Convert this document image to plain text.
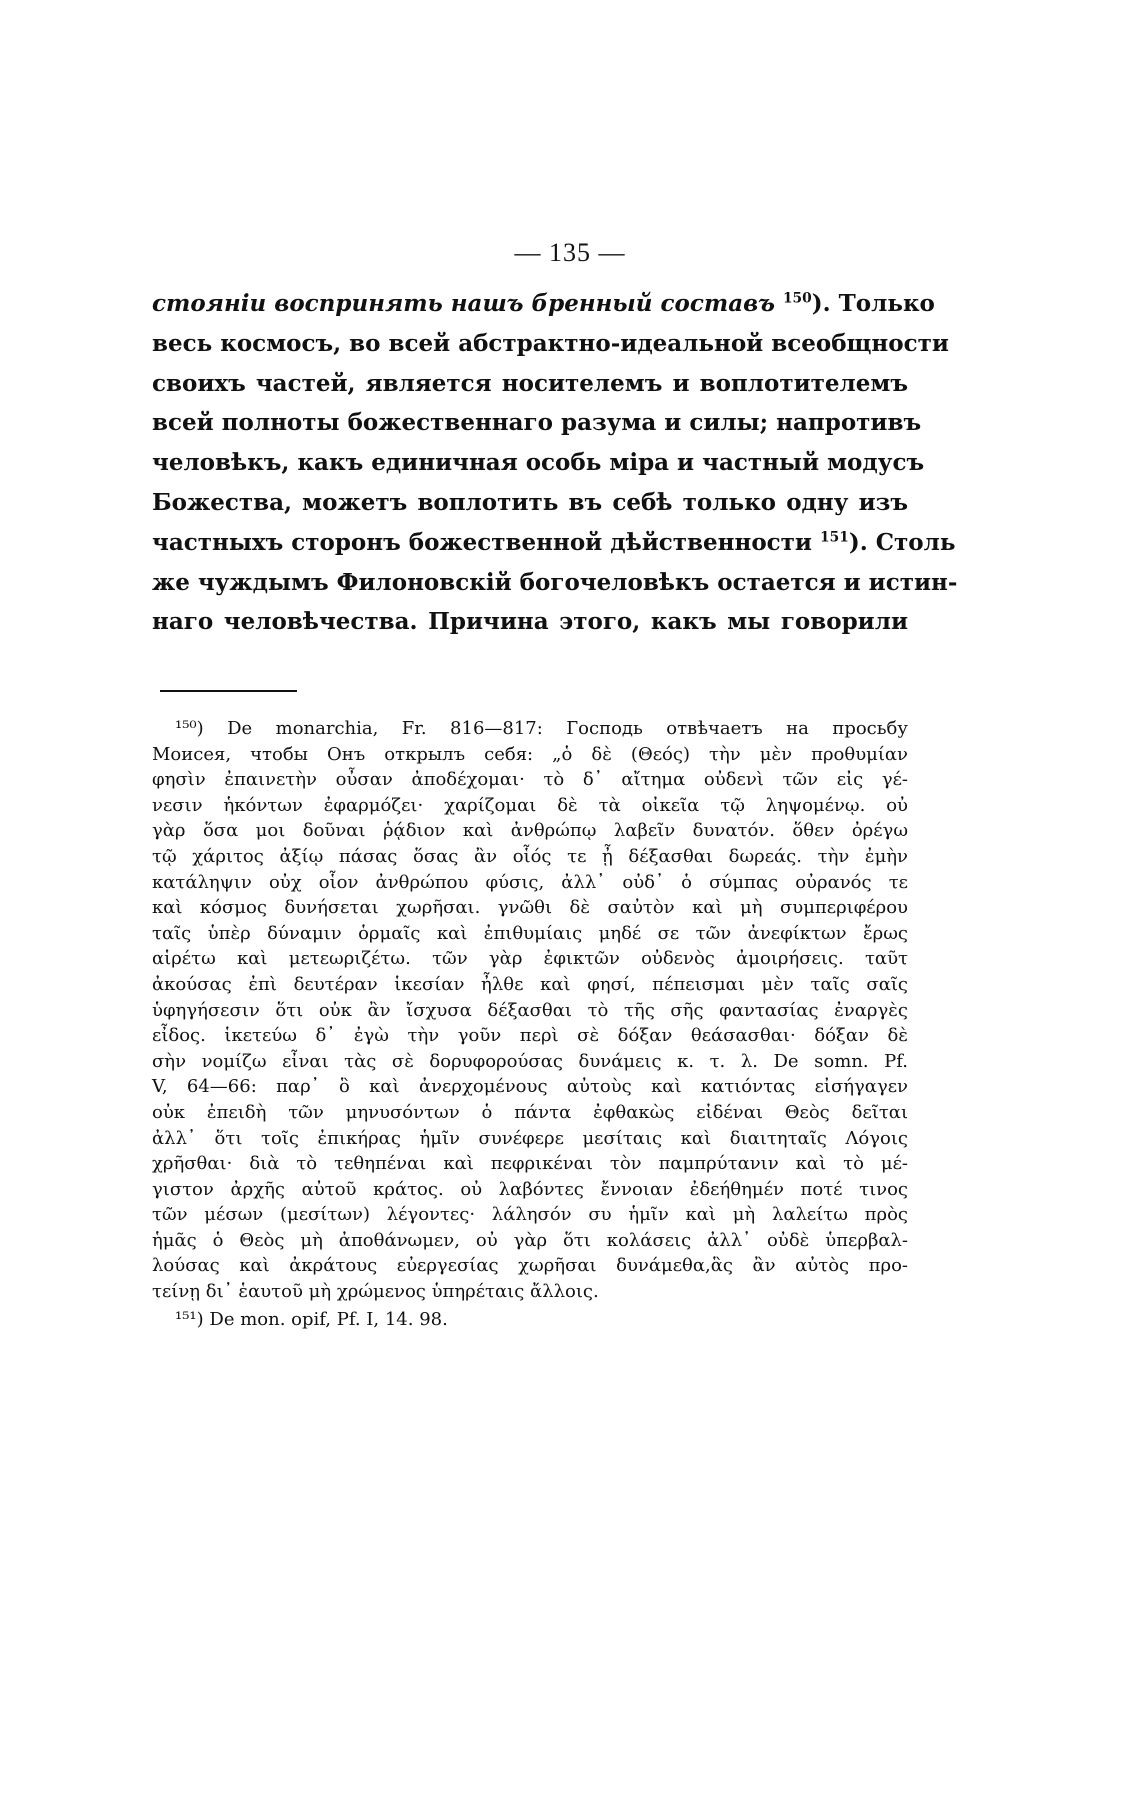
— 135 —
стояніи воспринять нашъ бренный составъ $^{150}$). Только
весь космосъ, во всей абстрактно-идеальной всеобщности
своихъ частей, является носителемъ и воплотителемъ
всей полноты божественнаго разума и силы; напротивъ
человѣкъ, какъ единичная особь міра и частный модусъ
Божества, можетъ воплотить въ себѣ только одну изъ
частныхъ сторонъ божественной дѣйственности $^{151}$). Столь
же чуждымъ Филоновскій богочеловѣкъ остается и истин-
наго человѣчества. Причина этого, какъ мы говорили
¹⁵⁰) De monarchia, Fr. 816—817: Господь отвѣчаетъ на просьбу
Моисея, чтобы Онъ открылъ себя: „ὁ δὲ (Θεός) τὴν μὲν προθυμίαν
φησὶν ἐπαινετὴν οὖσαν ἀποδέχομαι· τὸ δ᾽ αἴτημα οὐδενὶ τῶν εἰς γέ-
νεσιν ἡκόντων ἐφαρμόζει· χαρίζομαι δὲ τὰ οἰκεῖα τῷ ληψομένῳ. οὐ
γὰρ ὅσα μοι δοῦναι ῥᾴδιον καὶ ἀνθρώπῳ λαβεῖν δυνατόν. ὅθεν ὀρέγω
τῷ χάριτος ἀξίῳ πάσας ὅσας ἂν οἷός τε ᾖ δέξασθαι δωρεάς. τὴν ἐμὴν
κατάληψιν οὐχ οἷον ἀνθρώπου φύσις, ἀλλ᾽ οὐδ᾽ ὁ σύμπας οὐρανός τε
καὶ κόσμος δυνήσεται χωρῆσαι. γνῶθι δὲ σαὐτὸν καὶ μὴ συμπεριφέρου
ταῖς ὑπὲρ δύναμιν ὁρμαῖς καὶ ἐπιθυμίαις μηδέ σε τῶν ἀνεφίκτων ἔρως
αἱρέτω καὶ μετεωριζέτω. τῶν γὰρ ἐφικτῶν οὐδενὸς ἀμοιρήσεις. ταῦτ
ἀκούσας ἐπὶ δευτέραν ἱκεσίαν ἦλθε καὶ φησί, πέπεισμαι μὲν ταῖς σαῖς
ὑφηγήσεσιν ὅτι οὐκ ἂν ἴσχυσα δέξασθαι τὸ τῆς σῆς φαντασίας ἐναργὲς
εἶδος. ἱκετεύω δ᾽ ἐγὼ τὴν γοῦν περὶ σὲ δόξαν θεάσασθαι· δόξαν δὲ
σὴν νομίζω εἶναι τὰς σὲ δορυφορούσας δυνάμεις κ. τ. λ. De somn. Pf.
V, 64—66: παρ᾽ ὃ καὶ ἀνερχομένους αὐτοὺς καὶ κατιόντας εἰσήγαγεν
οὐκ ἐπειδὴ τῶν μηνυσόντων ὁ πάντα ἐφθακὼς εἰδέναι Θεὸς δεῖται
ἀλλ᾽ ὅτι τοῖς ἐπικήρας ἡμῖν συνέφερε μεσίταις καὶ διαιτηταῖς Λόγοις
χρῆσθαι· διὰ τὸ τεθηπέναι καὶ πεφρικέναι τὸν παμπρύτανιν καὶ τὸ μέ-
γιστον ἀρχῆς αὐτοῦ κράτος. οὐ λαβόντες ἔννοιαν ἐδεήθημέν ποτέ τινος
τῶν μέσων (μεσίτων) λέγοντες· λάλησόν συ ἡμῖν καὶ μὴ λαλείτω πρὸς
ἡμᾶς ὁ Θεὸς μὴ ἀποθάνωμεν, οὐ γὰρ ὅτι κολάσεις ἀλλ᾽ οὐδὲ ὑπερβαλ-
λούσας καὶ ἀκράτους εὐεργεσίας χωρῆσαι δυνάμεθα,ἃς ἂν αὐτὸς προ-
τείνῃ δι᾽ ἑαυτοῦ μὴ χρώμενος ὑπηρέταις ἄλλοις.
¹⁵¹) De mon. opif, Pf. I, 14. 98.
